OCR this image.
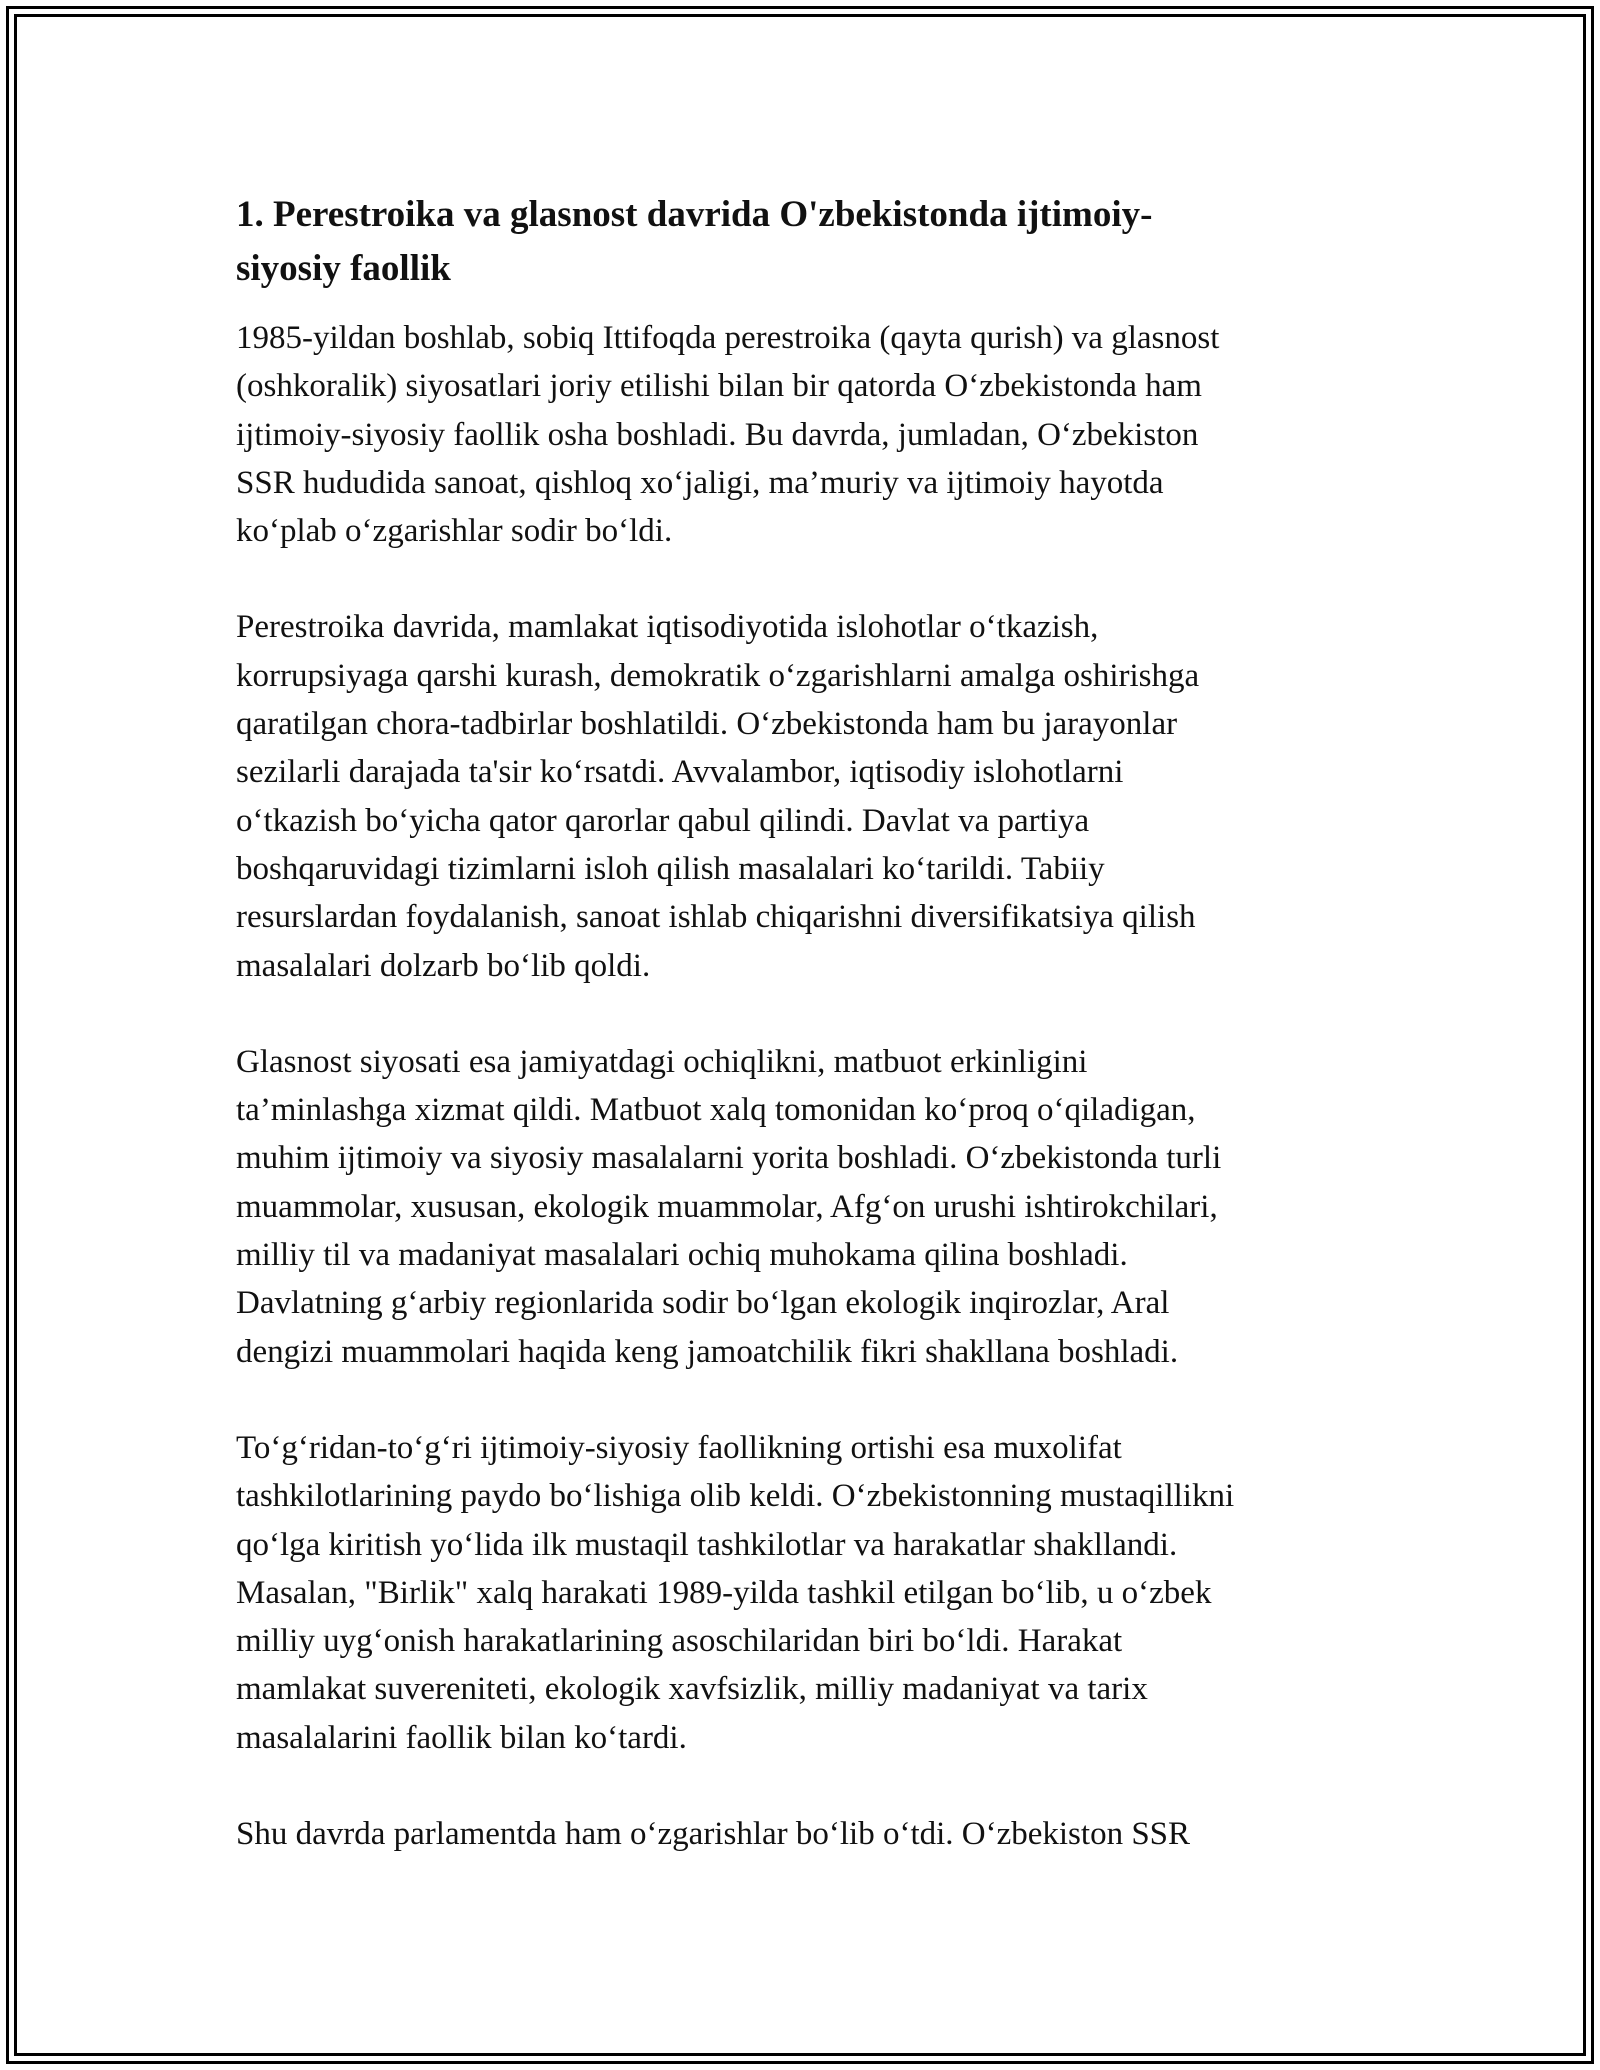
1. Perestroika va glasnost davrida O'zbekistonda ijtimoiy-
siyosiy faollik

1985-yildan boshlab, sobiq Ittifoqda perestroika (qayta qurish) va glasnost
(oshkoralik) siyosatlari joriy etilishi bilan bir qatorda O‘zbekistonda ham
ijtimoiy-siyosiy faollik osha boshladi. Bu davrda, jumladan, O‘zbekiston
SSR hududida sanoat, qishloq xo‘jaligi, ma’muriy va ijtimoiy hayotda
ko‘plab o‘zgarishlar sodir bo‘ldi.

Perestroika davrida, mamlakat iqtisodiyotida islohotlar o‘tkazish,
korrupsiyaga qarshi kurash, demokratik o‘zgarishlarni amalga oshirishga
qaratilgan chora-tadbirlar boshlatildi. O‘zbekistonda ham bu jarayonlar
sezilarli darajada ta'sir ko‘rsatdi. Avvalambor, iqtisodiy islohotlarni
o‘tkazish bo‘yicha qator qarorlar qabul qilindi. Davlat va partiya
boshqaruvidagi tizimlarni isloh qilish masalalari ko‘tarildi. Tabiiy
resurslardan foydalanish, sanoat ishlab chiqarishni diversifikatsiya qilish
masalalari dolzarb bo‘lib qoldi.

Glasnost siyosati esa jamiyatdagi ochiqlikni, matbuot erkinligini
ta’minlashga xizmat qildi. Matbuot xalq tomonidan ko‘proq o‘qiladigan,
muhim ijtimoiy va siyosiy masalalarni yorita boshladi. O‘zbekistonda turli
muammolar, xususan, ekologik muammolar, Afg‘on urushi ishtirokchilari,
milliy til va madaniyat masalalari ochiq muhokama qilina boshladi.
Davlatning g‘arbiy regionlarida sodir bo‘lgan ekologik inqirozlar, Aral
dengizi muammolari haqida keng jamoatchilik fikri shakllana boshladi.

To‘g‘ridan-to‘g‘ri ijtimoiy-siyosiy faollikning ortishi esa muxolifat
tashkilotlarining paydo bo‘lishiga olib keldi. O‘zbekistonning mustaqillikni
qo‘lga kiritish yo‘lida ilk mustaqil tashkilotlar va harakatlar shakllandi.
Masalan, "Birlik" xalq harakati 1989-yilda tashkil etilgan bo‘lib, u o‘zbek
milliy uyg‘onish harakatlarining asoschilaridan biri bo‘ldi. Harakat
mamlakat suvereniteti, ekologik xavfsizlik, milliy madaniyat va tarix
masalalarini faollik bilan ko‘tardi.

Shu davrda parlamentda ham o‘zgarishlar bo‘lib o‘tdi. O‘zbekiston SSR
